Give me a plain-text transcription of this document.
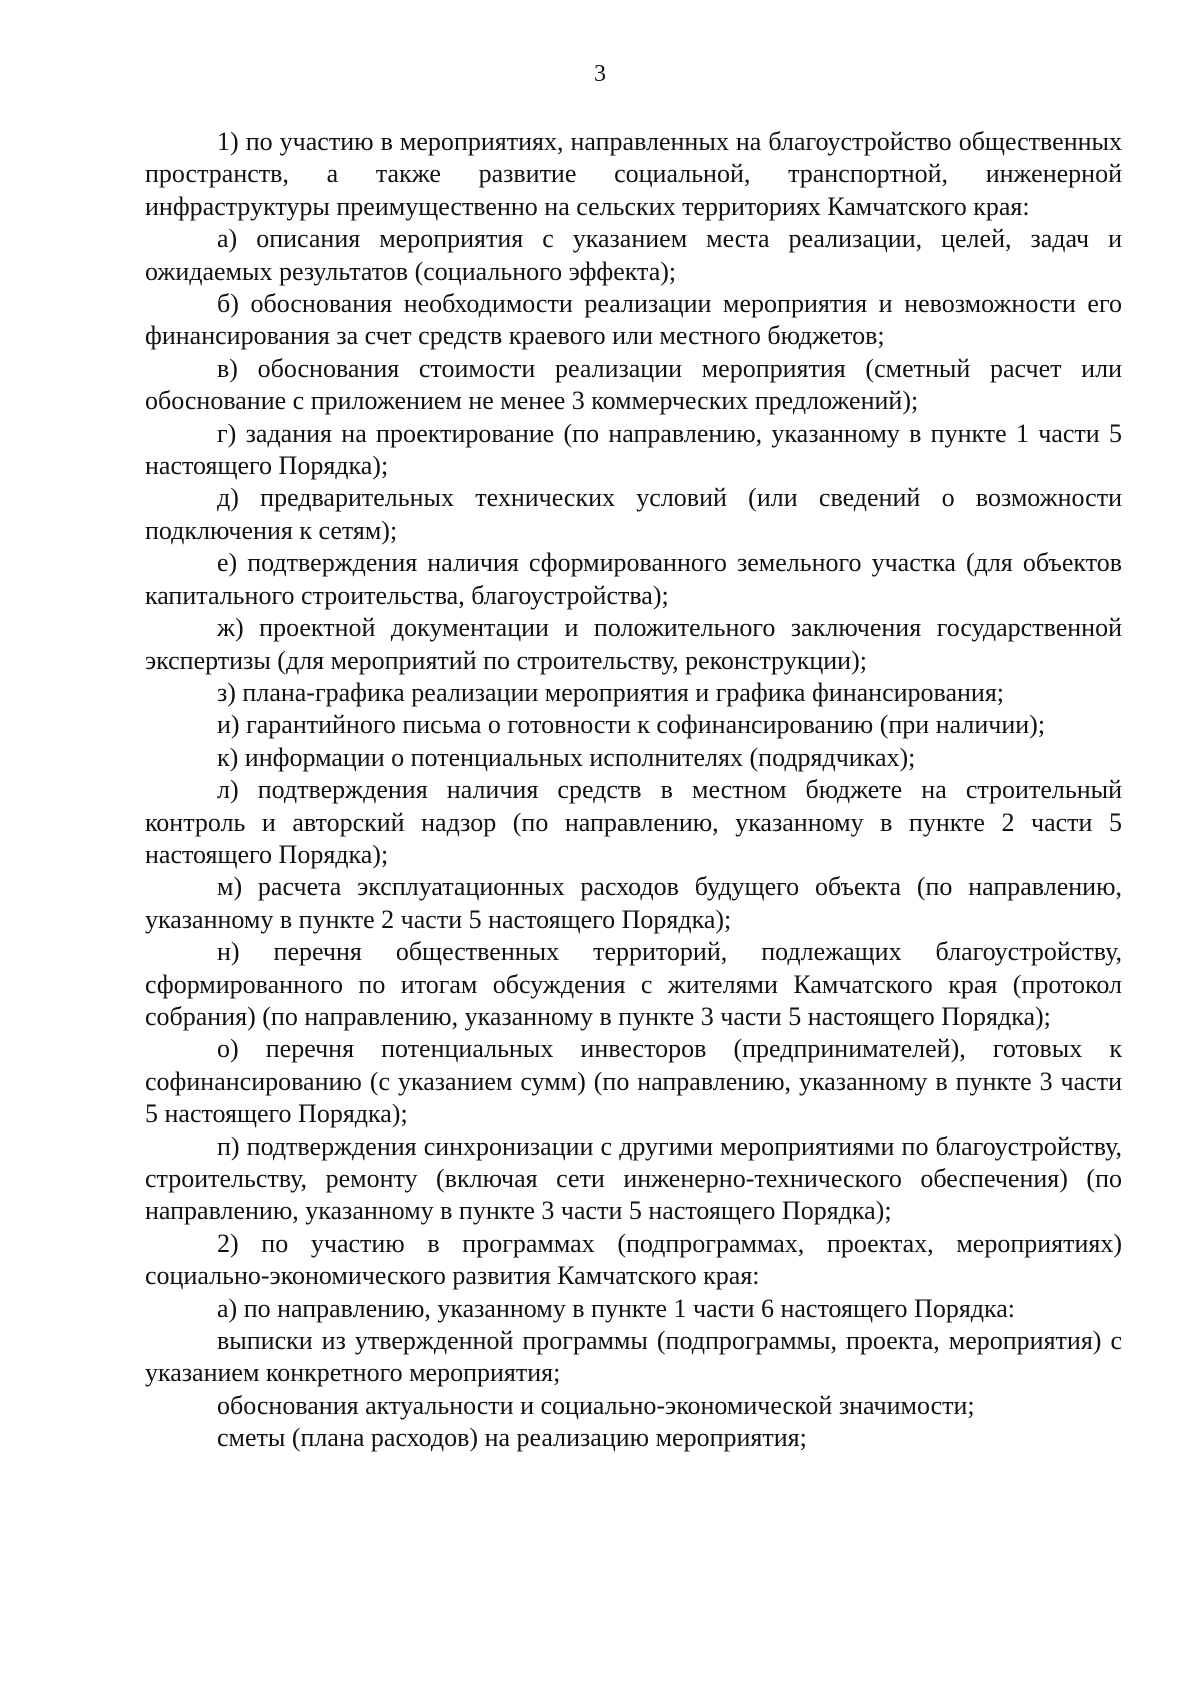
3

1) по участию в мероприятиях, направленных на благоустройство общественных пространств, а также развитие социальной, транспортной, инженерной инфраструктуры преимущественно на сельских территориях Камчатского края:

а) описания мероприятия с указанием места реализации, целей, задач и ожидаемых результатов (социального эффекта);

б) обоснования необходимости реализации мероприятия и невозможности его финансирования за счет средств краевого или местного бюджетов;

в) обоснования стоимости реализации мероприятия (сметный расчет или обоснование с приложением не менее 3 коммерческих предложений);

г) задания на проектирование (по направлению, указанному в пункте 1 части 5 настоящего Порядка);

д) предварительных технических условий (или сведений о возможности подключения к сетям);

е) подтверждения наличия сформированного земельного участка (для объектов капитального строительства, благоустройства);

ж) проектной документации и положительного заключения государственной экспертизы (для мероприятий по строительству, реконструкции);

з) плана-графика реализации мероприятия и графика финансирования;

и) гарантийного письма о готовности к софинансированию (при наличии);

к) информации о потенциальных исполнителях (подрядчиках);

л) подтверждения наличия средств в местном бюджете на строительный контроль и авторский надзор (по направлению, указанному в пункте 2 части 5 настоящего Порядка);

м) расчета эксплуатационных расходов будущего объекта (по направлению, указанному в пункте 2 части 5 настоящего Порядка);

н) перечня общественных территорий, подлежащих благоустройству, сформированного по итогам обсуждения с жителями Камчатского края (протокол собрания) (по направлению, указанному в пункте 3 части 5 настоящего Порядка);

о) перечня потенциальных инвесторов (предпринимателей), готовых к софинансированию (с указанием сумм) (по направлению, указанному в пункте 3 части 5 настоящего Порядка);

п) подтверждения синхронизации с другими мероприятиями по благоустройству, строительству, ремонту (включая сети инженерно-технического обеспечения) (по направлению, указанному в пункте 3 части 5 настоящего Порядка);

2) по участию в программах (подпрограммах, проектах, мероприятиях) социально-экономического развития Камчатского края:

а) по направлению, указанному в пункте 1 части 6 настоящего Порядка:

выписки из утвержденной программы (подпрограммы, проекта, мероприятия) с указанием конкретного мероприятия;

обоснования актуальности и социально-экономической значимости;

сметы (плана расходов) на реализацию мероприятия;
